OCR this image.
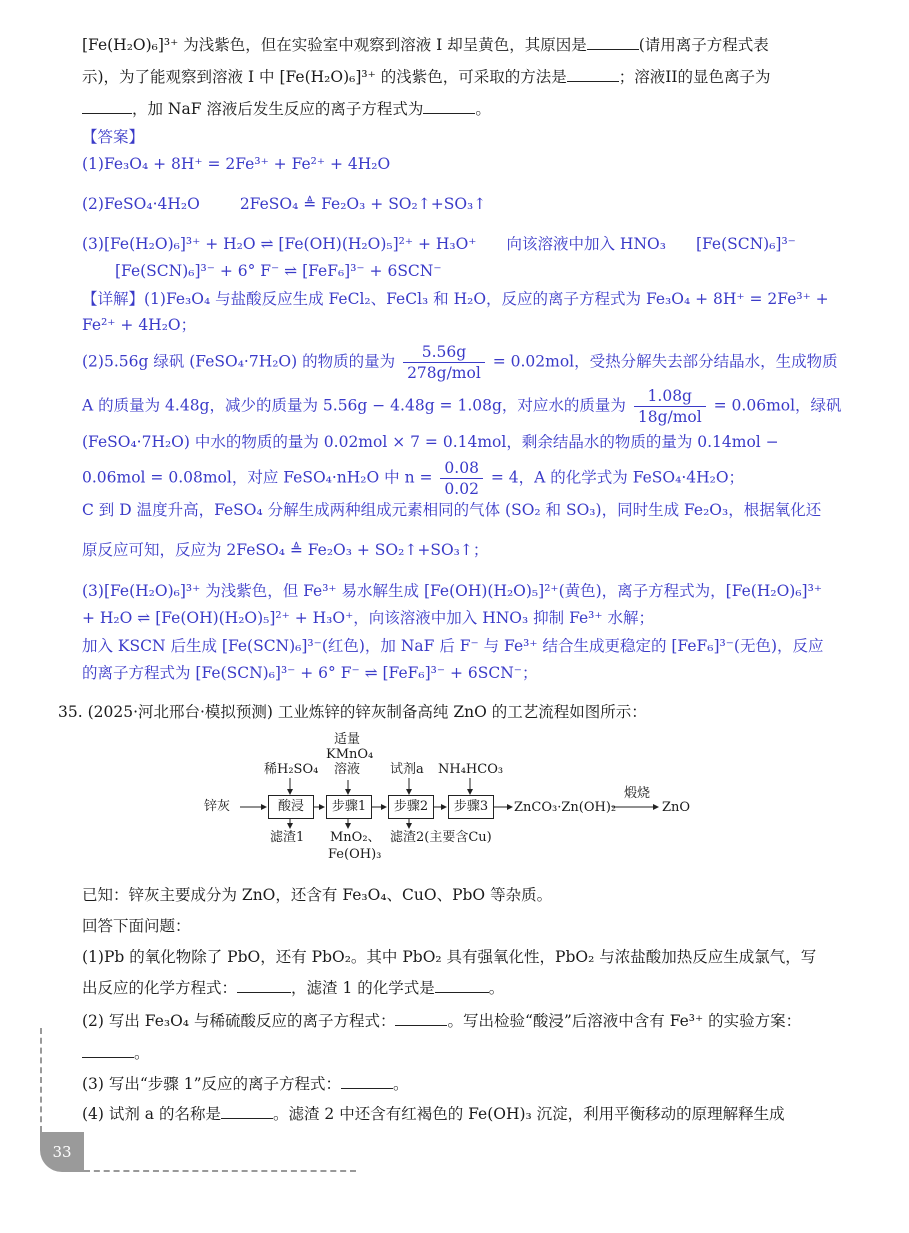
[Fe(H₂O)₆]³⁺ 为浅紫色，但在实验室中观察到溶液 I 却呈黄色，其原因是	(请用离子方程式表
示)，为了能观察到溶液 I 中 [Fe(H₂O)₆]³⁺ 的浅紫色，可采取的方法是	；溶液II的显色离子为
，加 NaF 溶液后发生反应的离子方程式为	。
【答案】
(1)Fe₃O₄ + 8H⁺ = 2Fe³⁺ + Fe²⁺ + 4H₂O
(2)FeSO₄·4H₂O	2FeSO₄ ≜ Fe₂O₃ + SO₂↑+SO₃↑
(3)[Fe(H₂O)₆]³⁺ + H₂O ⇌ [Fe(OH)(H₂O)₅]²⁺ + H₃O⁺ 向该溶液中加入 HNO₃ [Fe(SCN)₆]³⁻
[Fe(SCN)₆]³⁻ + 6° F⁻ ⇌ [FeF₆]³⁻ + 6SCN⁻
【详解】(1)Fe₃O₄ 与盐酸反应生成 FeCl₂、FeCl₃ 和 H₂O，反应的离子方程式为 Fe₃O₄ + 8H⁺ = 2Fe³⁺ +
Fe²⁺ + 4H₂O；
(2)5.56g 绿矾 (FeSO₄·7H₂O) 的物质的量为 $\frac{5.56g}{\text{278g/mol}} = 0.02mol$，受热分解失去部分结晶水，生成物质
A 的质量为 4.48g，减少的质量为 5.56g − 4.48g = 1.08g，对应水的质量为 $\frac{1.08g}{\text{18g/mol}} = 0.06mol$，绿矾
(FeSO₄·7H₂O) 中水的物质的量为 0.02mol × 7 = 0.14mol，剩余结晶水的物质的量为 0.14mol −
0.06mol = 0.08mol，对应 FeSO₄·nH₂O 中 $n = \frac{0.08}{0.02} = 4$，A 的化学式为 FeSO₄·4H₂O；
C 到 D 温度升高，FeSO₄ 分解生成两种组成元素相同的气体 (SO₂ 和 SO₃)，同时生成 Fe₂O₃，根据氧化还
原反应可知，反应为 2FeSO₄ ≜ Fe₂O₃ + SO₂↑+SO₃↑；
(3)[Fe(H₂O)₆]³⁺ 为浅紫色，但 Fe³⁺ 易水解生成 [Fe(OH)(H₂O)₅]²⁺(黄色)，离子方程式为，[Fe(H₂O)₆]³⁺
+ H₂O ⇌ [Fe(OH)(H₂O)₅]²⁺ + H₃O⁺，向该溶液中加入 HNO₃ 抑制 Fe³⁺ 水解；
加入 KSCN 后生成 [Fe(SCN)₆]³⁻(红色)，加 NaF 后 F⁻ 与 Fe³⁺ 结合生成更稳定的 [FeF₆]³⁻(无色)，反应
的离子方程式为 [Fe(SCN)₆]³⁻ + 6° F⁻ ⇌ [FeF₆]³⁻ + 6SCN⁻；
35. (2025·河北邢台·模拟预测) 工业炼锌的锌灰制备高纯 ZnO 的工艺流程如图所示：
锌灰	酸浸	步骤1	步骤2	步骤3	ZnCO₃·Zn(OH)₂	ZnO
煅烧
稀H₂SO₄
适量
KMnO₄
溶液 试剂a NH₄HCO₃
滤渣1 MnO₂、
Fe(OH)₃
滤渣2(主要含Cu)
已知：锌灰主要成分为 ZnO，还含有 Fe₃O₄、CuO、PbO 等杂质。
回答下面问题：
(1)Pb 的氧化物除了 PbO，还有 PbO₂。其中 PbO₂ 具有强氧化性，PbO₂ 与浓盐酸加热反应生成氯气，写
出反应的化学方程式：	，滤渣 1 的化学式是	。
(2) 写出 Fe₃O₄ 与稀硫酸反应的离子方程式：	。写出检验“酸浸”后溶液中含有 Fe³⁺ 的实验方案：
。
(3) 写出“步骤 1”反应的离子方程式：	。
(4) 试剂 a 的名称是	。滤渣 2 中还含有红褐色的 Fe(OH)₃ 沉淀，利用平衡移动的原理解释生成
33
